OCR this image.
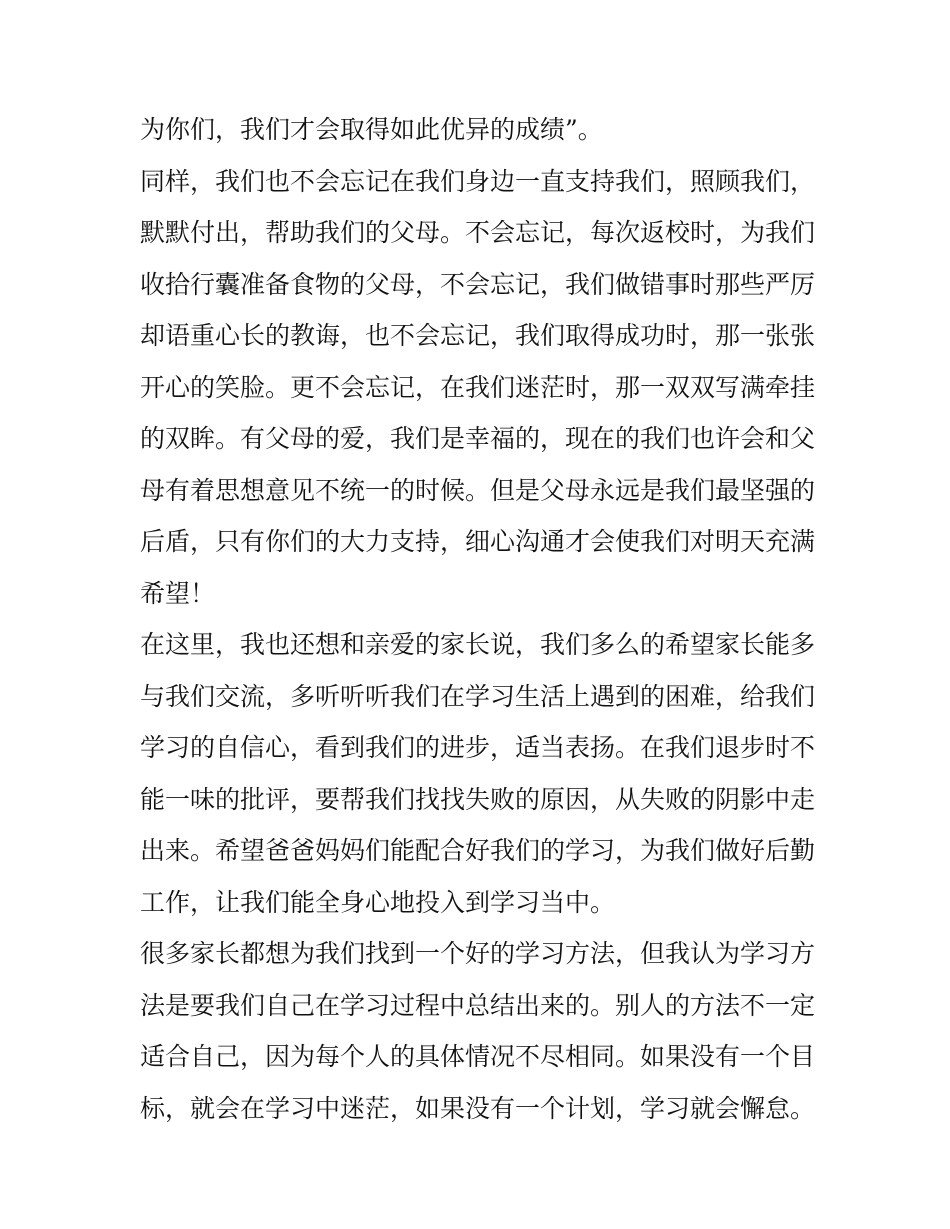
为你们，我们才会取得如此优异的成绩”。
同样，我们也不会忘记在我们身边一直支持我们，照顾我们，
默默付出，帮助我们的父母。不会忘记，每次返校时，为我们
收拾行囊准备食物的父母，不会忘记，我们做错事时那些严厉
却语重心长的教诲，也不会忘记，我们取得成功时，那一张张
开心的笑脸。更不会忘记，在我们迷茫时，那一双双写满牵挂
的双眸。有父母的爱，我们是幸福的，现在的我们也许会和父
母有着思想意见不统一的时候。但是父母永远是我们最坚强的
后盾，只有你们的大力支持，细心沟通才会使我们对明天充满
希望！
在这里，我也还想和亲爱的家长说，我们多么的希望家长能多
与我们交流，多听听听我们在学习生活上遇到的困难，给我们
学习的自信心，看到我们的进步，适当表扬。在我们退步时不
能一味的批评，要帮我们找找失败的原因，从失败的阴影中走
出来。希望爸爸妈妈们能配合好我们的学习，为我们做好后勤
工作，让我们能全身心地投入到学习当中。
很多家长都想为我们找到一个好的学习方法，但我认为学习方
法是要我们自己在学习过程中总结出来的。别人的方法不一定
适合自己，因为每个人的具体情况不尽相同。如果没有一个目
标，就会在学习中迷茫，如果没有一个计划，学习就会懈怠。
